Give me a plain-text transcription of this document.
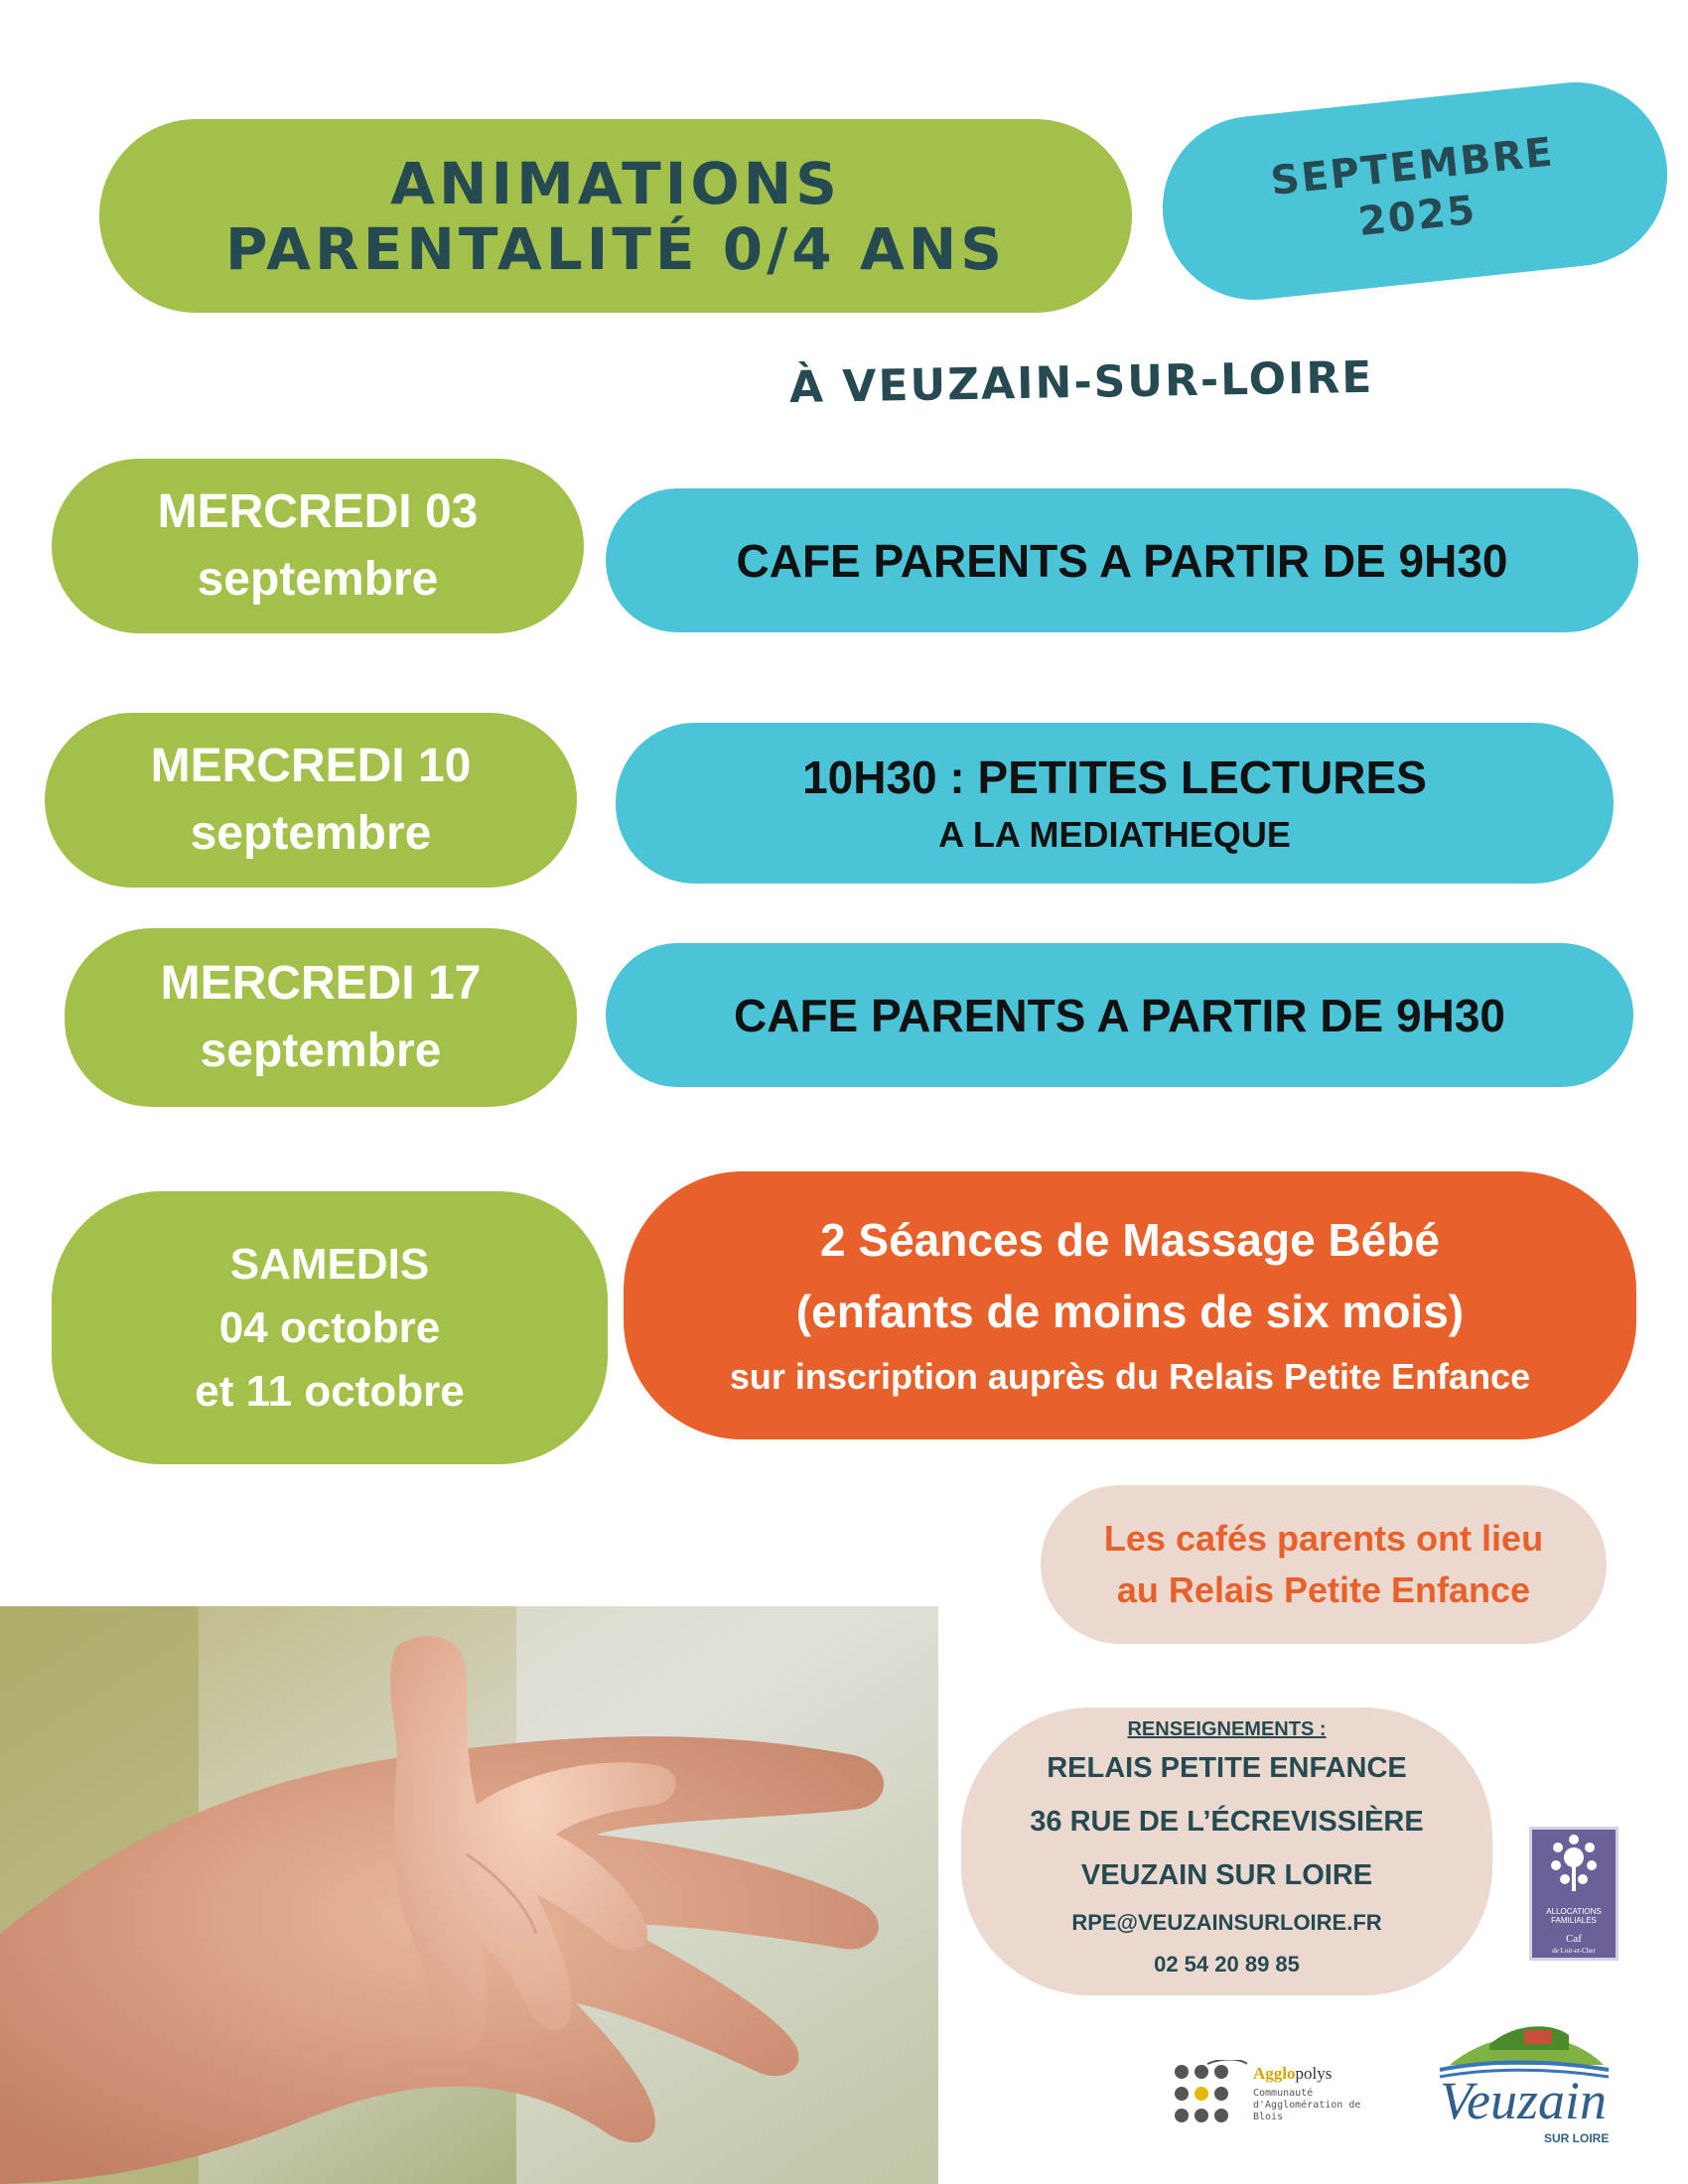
ANIMATIONS
PARENTALITÉ 0/4 ANS
SEPTEMBRE
2025
À VEUZAIN-SUR-LOIRE
MERCREDI 03
septembre	CAFE PARENTS A PARTIR DE 9H30
MERCREDI 10
septembre
10H30 : PETITES LECTURES
A LA MEDIATHEQUE
MERCREDI 17
septembre
CAFE PARENTS A PARTIR DE 9H30
SAMEDIS
04 octobre
et 11 octobre
2 Séances de Massage Bébé
(enfants de moins de six mois)
sur inscription auprès du Relais Petite Enfance
Les cafés parents ont lieu
au Relais Petite Enfance
RENSEIGNEMENTS :
RELAIS PETITE ENFANCE
36 RUE DE L’ÉCREVISSIÈRE
VEUZAIN SUR LOIRE
RPE@VEUZAINSURLOIRE.FR
02 54 20 89 85
ALLOCATIONS FAMILIALES
Caf
de Loir-et-Cher
Agglopolys
Communauté d'Agglomération de Blois	Veuzain
SUR LOIRE
